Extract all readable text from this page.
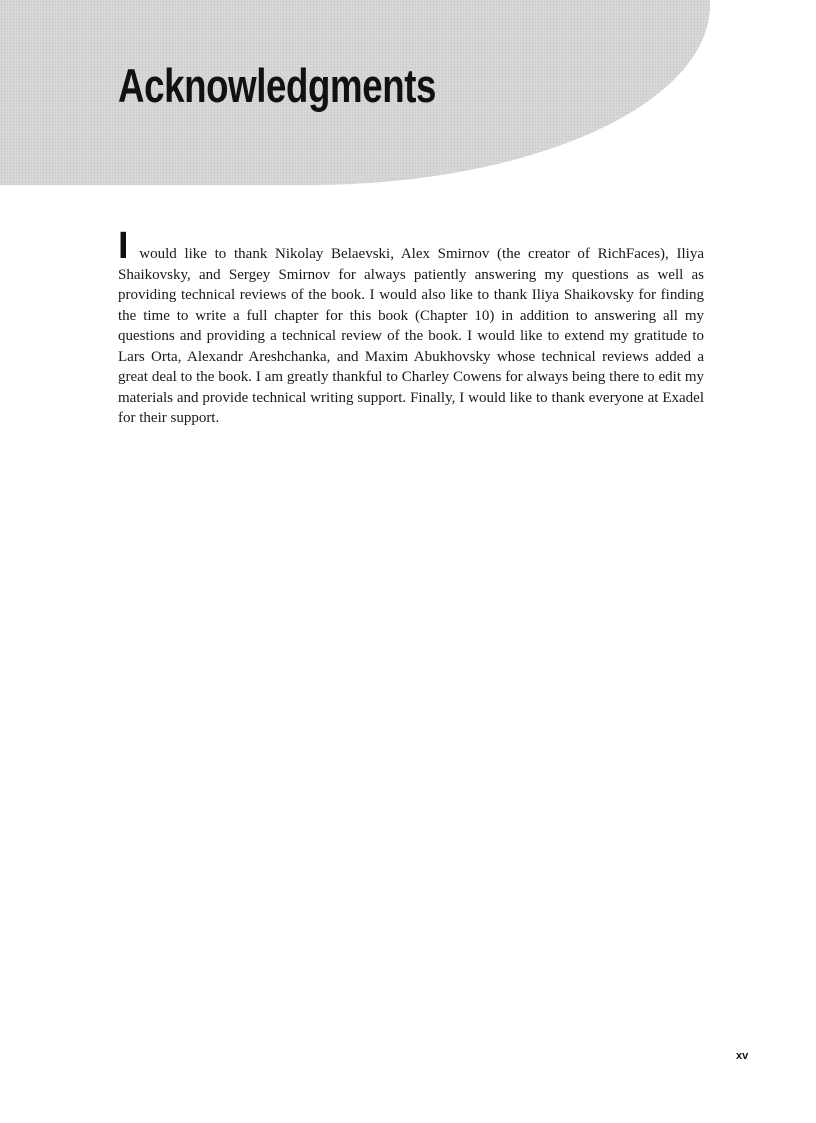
Acknowledgments

I would like to thank Nikolay Belaevski, Alex Smirnov (the creator of RichFaces), Iliya Shaikovsky, and Sergey Smirnov for always patiently answering my questions as well as providing technical reviews of the book. I would also like to thank Iliya Shaikovsky for finding the time to write a full chapter for this book (Chapter 10) in addition to answering all my questions and providing a technical review of the book. I would like to extend my gratitude to Lars Orta, Alexandr Areshchanka, and Maxim Abukhovsky whose technical reviews added a great deal to the book. I am greatly thankful to Charley Cowens for always being there to edit my materials and provide technical writing support. Finally, I would like to thank everyone at Exadel for their support.

xv
